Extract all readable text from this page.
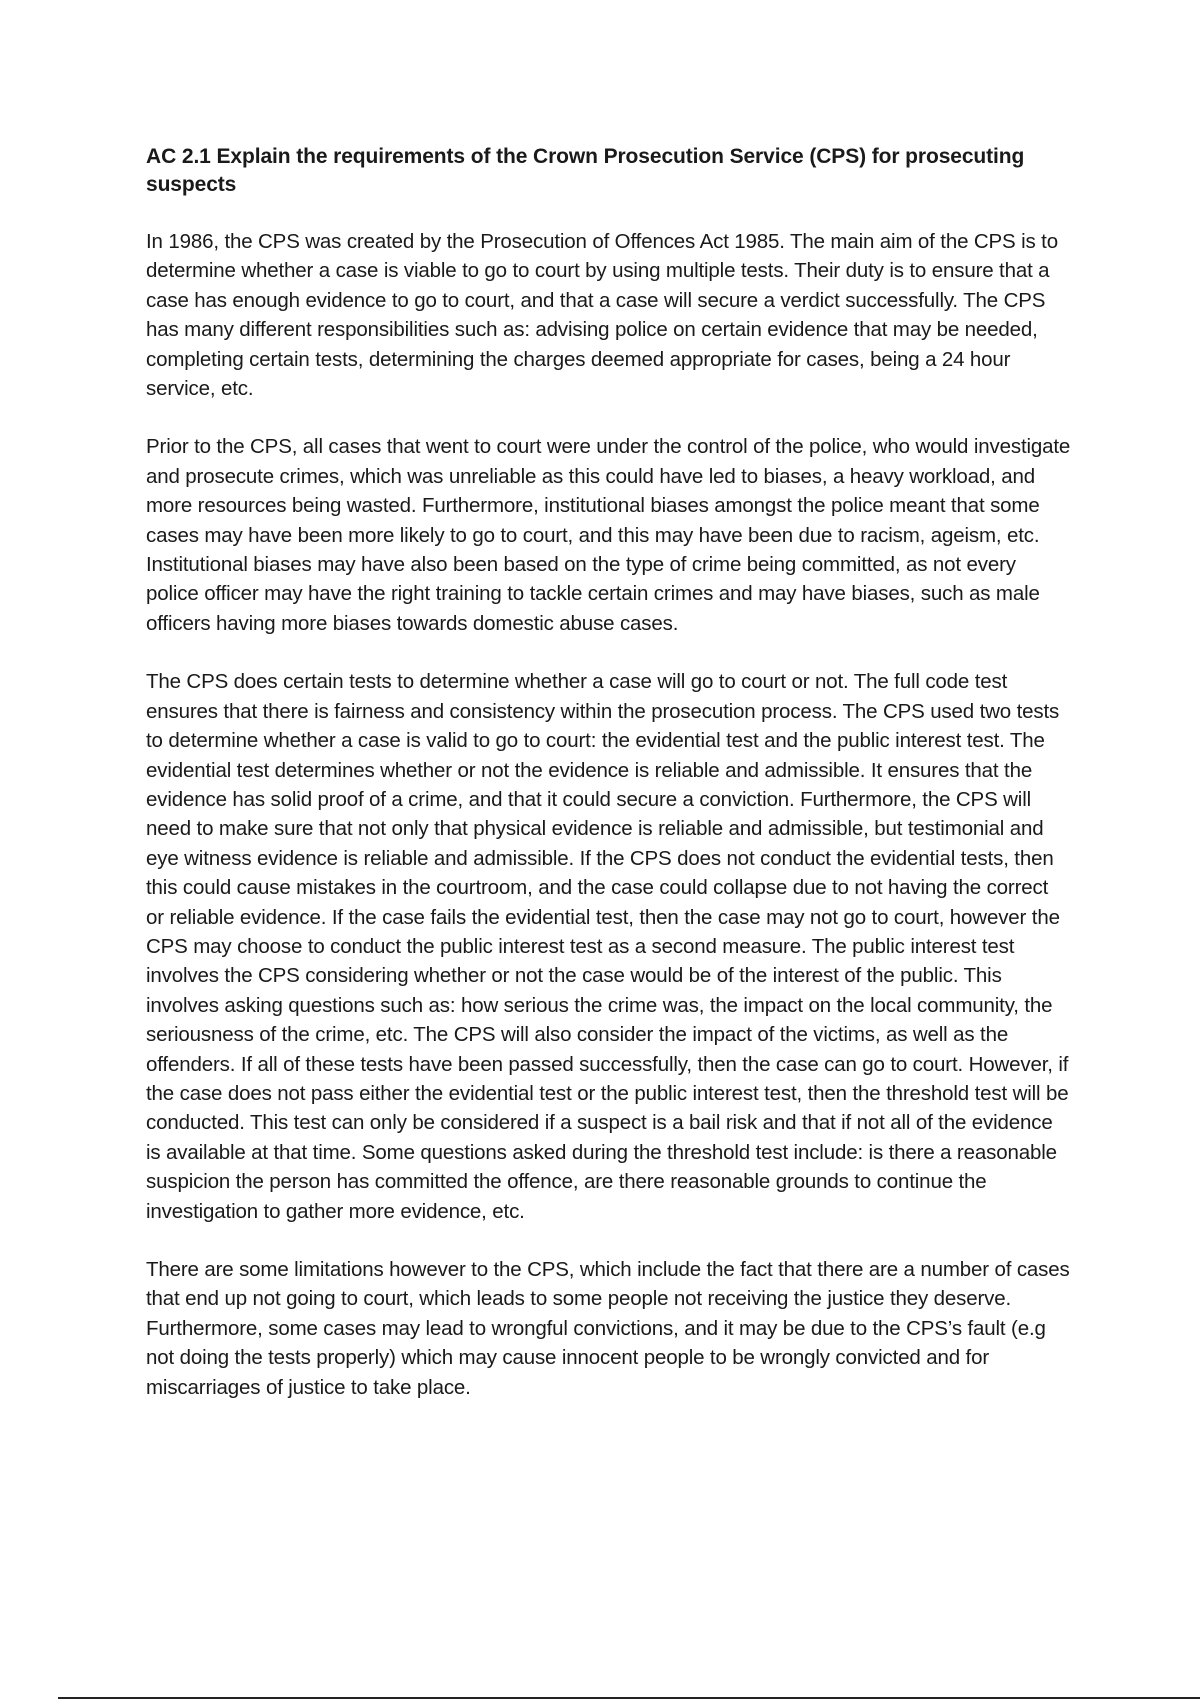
AC 2.1 Explain the requirements of the Crown Prosecution Service (CPS) for prosecuting suspects

In 1986, the CPS was created by the Prosecution of Offences Act 1985. The main aim of the CPS is to determine whether a case is viable to go to court by using multiple tests. Their duty is to ensure that a case has enough evidence to go to court, and that a case will secure a verdict successfully. The CPS has many different responsibilities such as: advising police on certain evidence that may be needed, completing certain tests, determining the charges deemed appropriate for cases, being a 24 hour service, etc.

Prior to the CPS, all cases that went to court were under the control of the police, who would investigate and prosecute crimes, which was unreliable as this could have led to biases, a heavy workload, and more resources being wasted. Furthermore, institutional biases amongst the police meant that some cases may have been more likely to go to court, and this may have been due to racism, ageism, etc. Institutional biases may have also been based on the type of crime being committed, as not every police officer may have the right training to tackle certain crimes and may have biases, such as male officers having more biases towards domestic abuse cases.

The CPS does certain tests to determine whether a case will go to court or not. The full code test ensures that there is fairness and consistency within the prosecution process. The CPS used two tests to determine whether a case is valid to go to court: the evidential test and the public interest test. The evidential test determines whether or not the evidence is reliable and admissible. It ensures that the evidence has solid proof of a crime, and that it could secure a conviction. Furthermore, the CPS will need to make sure that not only that physical evidence is reliable and admissible, but testimonial and eye witness evidence is reliable and admissible. If the CPS does not conduct the evidential tests, then this could cause mistakes in the courtroom, and the case could collapse due to not having the correct or reliable evidence. If the case fails the evidential test, then the case may not go to court, however the CPS may choose to conduct the public interest test as a second measure. The public interest test involves the CPS considering whether or not the case would be of the interest of the public. This involves asking questions such as: how serious the crime was, the impact on the local community, the seriousness of the crime, etc. The CPS will also consider the impact of the victims, as well as the offenders. If all of these tests have been passed successfully, then the case can go to court. However, if the case does not pass either the evidential test or the public interest test, then the threshold test will be conducted. This test can only be considered if a suspect is a bail risk and that if not all of the evidence is available at that time. Some questions asked during the threshold test include: is there a reasonable suspicion the person has committed the offence, are there reasonable grounds to continue the investigation to gather more evidence, etc.

There are some limitations however to the CPS, which include the fact that there are a number of cases that end up not going to court, which leads to some people not receiving the justice they deserve. Furthermore, some cases may lead to wrongful convictions, and it may be due to the CPS’s fault (e.g not doing the tests properly) which may cause innocent people to be wrongly convicted and for miscarriages of justice to take place.
